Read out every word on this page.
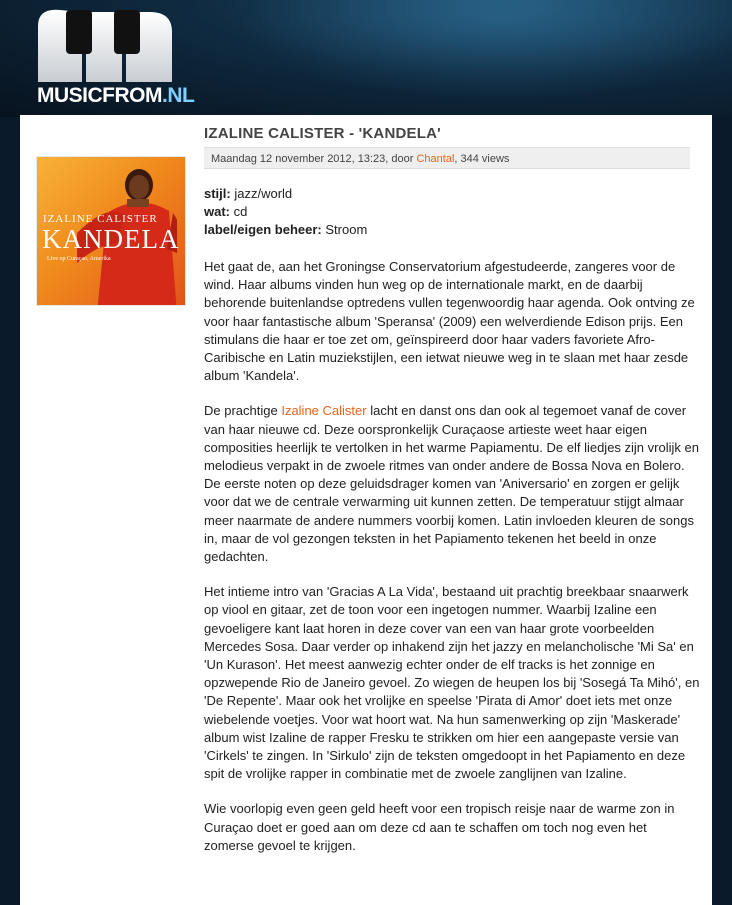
MUSICFROM.NL
IZALINE CALISTER
KANDELA
Live op Curaçao, Amerika
IZALINE CALISTER - 'KANDELA'
Maandag 12 november 2012, 13:23, door Chantal, 344 views
stijl: jazz/world
wat: cd
label/eigen beheer: Stroom

Het gaat de, aan het Groningse Conservatorium afgestudeerde, zangeres voor de wind. Haar albums vinden hun weg op de internationale markt, en de daarbij behorende buitenlandse optredens vullen tegenwoordig haar agenda. Ook ontving ze voor haar fantastische album 'Speransa' (2009) een welverdiende Edison prijs. Een stimulans die haar er toe zet om, geïnspireerd door haar vaders favoriete Afro-Caribische en Latin muziekstijlen, een ietwat nieuwe weg in te slaan met haar zesde album 'Kandela'.

De prachtige Izaline Calister lacht en danst ons dan ook al tegemoet vanaf de cover van haar nieuwe cd. Deze oorspronkelijk Curaçaose artieste weet haar eigen composities heerlijk te vertolken in het warme Papiamentu. De elf liedjes zijn vrolijk en melodieus verpakt in de zwoele ritmes van onder andere de Bossa Nova en Bolero. De eerste noten op deze geluidsdrager komen van 'Aniversario' en zorgen er gelijk voor dat we de centrale verwarming uit kunnen zetten. De temperatuur stijgt almaar meer naarmate de andere nummers voorbij komen. Latin invloeden kleuren de songs in, maar de vol gezongen teksten in het Papiamento tekenen het beeld in onze gedachten.

Het intieme intro van 'Gracias A La Vida', bestaand uit prachtig breekbaar snaarwerk op viool en gitaar, zet de toon voor een ingetogen nummer. Waarbij Izaline een gevoeligere kant laat horen in deze cover van een van haar grote voorbeelden Mercedes Sosa. Daar verder op inhakend zijn het jazzy en melancholische 'Mi Sa' en 'Un Kurason'. Het meest aanwezig echter onder de elf tracks is het zonnige en opzwepende Rio de Janeiro gevoel. Zo wiegen de heupen los bij 'Sosegá Ta Mihó', en 'De Repente'. Maar ook het vrolijke en speelse 'Pirata di Amor' doet iets met onze wiebelende voetjes. Voor wat hoort wat. Na hun samenwerking op zijn 'Maskerade' album wist Izaline de rapper Fresku te strikken om hier een aangepaste versie van 'Cirkels' te zingen. In 'Sirkulo' zijn de teksten omgedoopt in het Papiamento en deze spit de vrolijke rapper in combinatie met de zwoele zanglijnen van Izaline.

Wie voorlopig even geen geld heeft voor een tropisch reisje naar de warme zon in Curaçao doet er goed aan om deze cd aan te schaffen om toch nog even het zomerse gevoel te krijgen.
